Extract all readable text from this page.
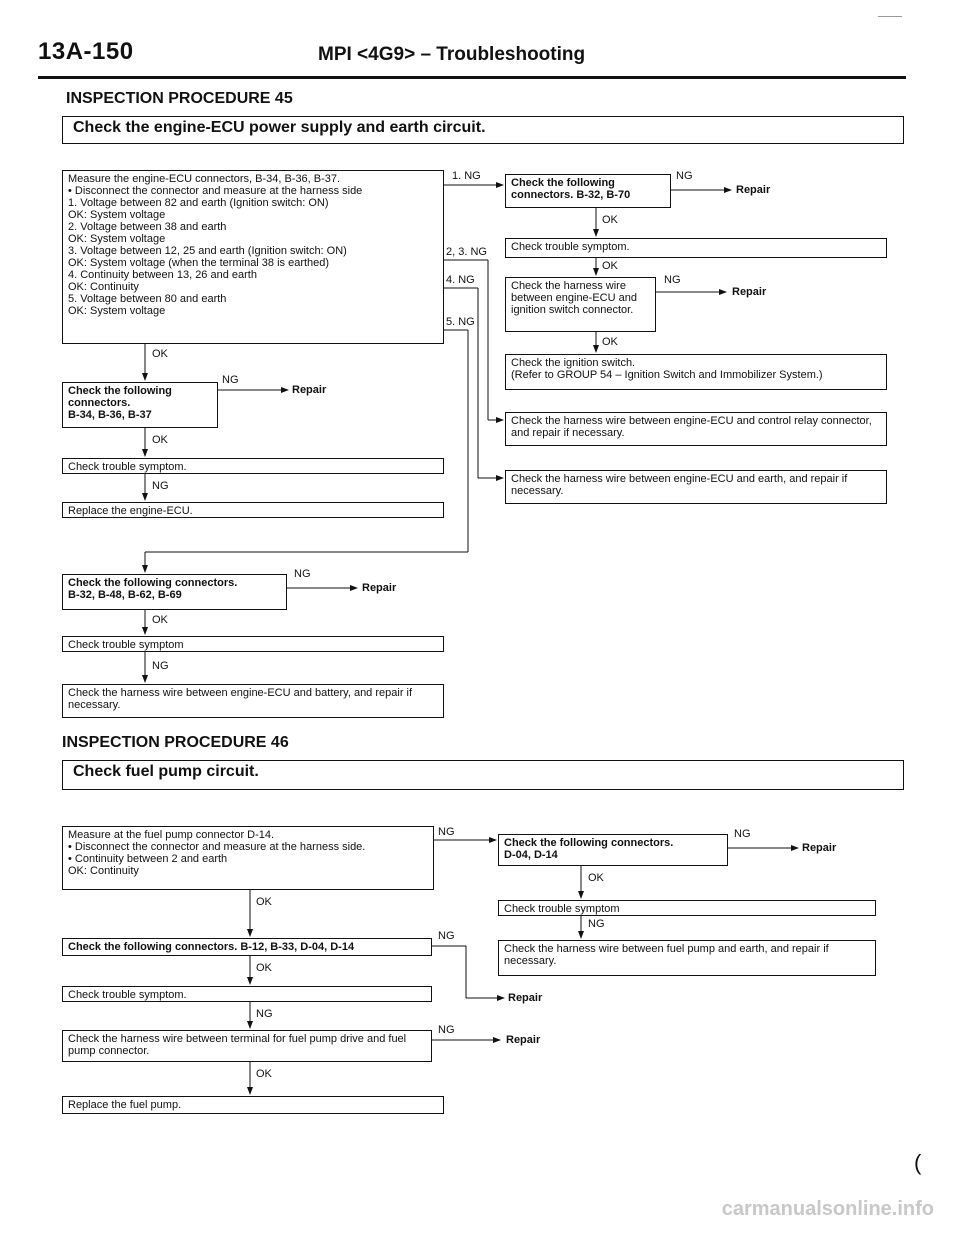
13A-150	MPI <4G9> – Troubleshooting
INSPECTION PROCEDURE 45
Check the engine-ECU power supply and earth circuit.
Measure the engine-ECU connectors, B-34, B-36, B-37.
• Disconnect the connector and measure at the harness side
1. Voltage between 82 and earth (Ignition switch: ON)
OK: System voltage
2. Voltage between 38 and earth
OK: System voltage
3. Voltage between 12, 25 and earth (Ignition switch: ON)
OK: System voltage (when the terminal 38 is earthed)
4. Continuity between 13, 26 and earth
OK: Continuity
5. Voltage between 80 and earth
OK: System voltage
1. NG
2, 3. NG
4. NG
5. NG
OK
Check the following connectors.
B-34, B-36, B-37
NG
Repair
OK
Check trouble symptom.
NG
Replace the engine-ECU.
Check the following connectors. B-32, B-70
NG
Repair
OK
Check trouble symptom.
OK
Check the harness wire between engine-ECU and ignition switch connector.
NG
Repair
OK
Check the ignition switch.
(Refer to GROUP 54 – Ignition Switch and Immobilizer System.)
Check the harness wire between engine-ECU and control relay connector, and repair if necessary.
Check the harness wire between engine-ECU and earth, and repair if necessary.
Check the following connectors.
B-32, B-48, B-62, B-69
NG
Repair
OK
Check trouble symptom
NG
Check the harness wire between engine-ECU and battery, and repair if necessary.
INSPECTION PROCEDURE 46
Check fuel pump circuit.
Measure at the fuel pump connector D-14.
• Disconnect the connector and measure at the harness side.
• Continuity between 2 and earth
OK: Continuity
NG
Check the following connectors.
D-04, D-14
NG
Repair
OK
Check trouble symptom
NG
Check the harness wire between fuel pump and earth, and repair if necessary.
OK
Check the following connectors. B-12, B-33, D-04, D-14
NG
Repair
OK
Check trouble symptom.
NG
Check the harness wire between terminal for fuel pump drive and fuel pump connector.
NG
Repair
OK
Replace the fuel pump.
(
carmanualsonline.info
